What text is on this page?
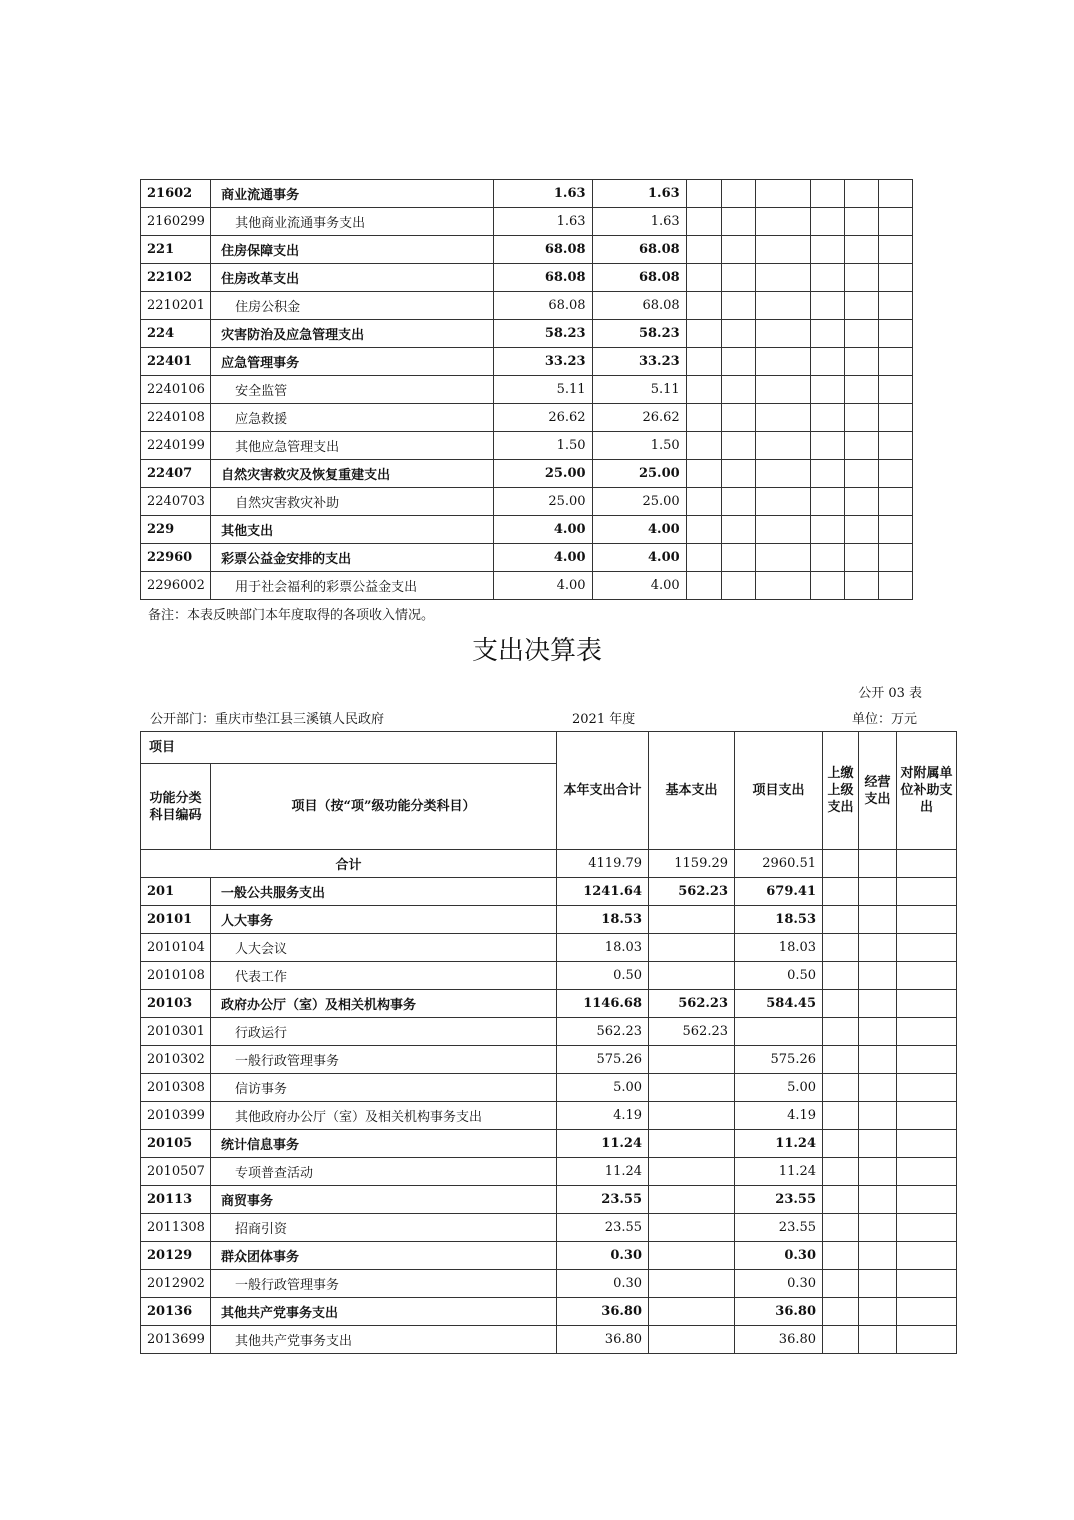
21602	商业流通事务	1.63	1.63						
2160299	其他商业流通事务支出	1.63	1.63						
221	住房保障支出	68.08	68.08						
22102	住房改革支出	68.08	68.08						
2210201	住房公积金	68.08	68.08						
224	灾害防治及应急管理支出	58.23	58.23						
22401	应急管理事务	33.23	33.23						
2240106	安全监管	5.11	5.11						
2240108	应急救援	26.62	26.62						
2240199	其他应急管理支出	1.50	1.50						
22407	自然灾害救灾及恢复重建支出	25.00	25.00						
2240703	自然灾害救灾补助	25.00	25.00						
229	其他支出	4.00	4.00						
22960	彩票公益金安排的支出	4.00	4.00						
2296002	用于社会福利的彩票公益金支出	4.00	4.00						
备注：本表反映部门本年度取得的各项收入情况。
支出决算表
公开 03 表
公开部门：重庆市垫江县三溪镇人民政府	2021 年度	单位：万元
项目		本年支出合计	基本支出	项目支出	上缴上级支出	经营支出	对附属单位补助支出
功能分类科目编码	项目（按“项”级功能分类科目）						
合计		4119.79	1159.29	2960.51			
201	一般公共服务支出	1241.64	562.23	679.41			
20101	人大事务	18.53		18.53			
2010104	人大会议	18.03		18.03			
2010108	代表工作	0.50		0.50			
20103	政府办公厅（室）及相关机构事务	1146.68	562.23	584.45			
2010301	行政运行	562.23	562.23				
2010302	一般行政管理事务	575.26		575.26			
2010308	信访事务	5.00		5.00			
2010399	其他政府办公厅（室）及相关机构事务支出	4.19		4.19			
20105	统计信息事务	11.24		11.24			
2010507	专项普查活动	11.24		11.24			
20113	商贸事务	23.55		23.55			
2011308	招商引资	23.55		23.55			
20129	群众团体事务	0.30		0.30			
2012902	一般行政管理事务	0.30		0.30			
20136	其他共产党事务支出	36.80		36.80			
2013699	其他共产党事务支出	36.80		36.80			
